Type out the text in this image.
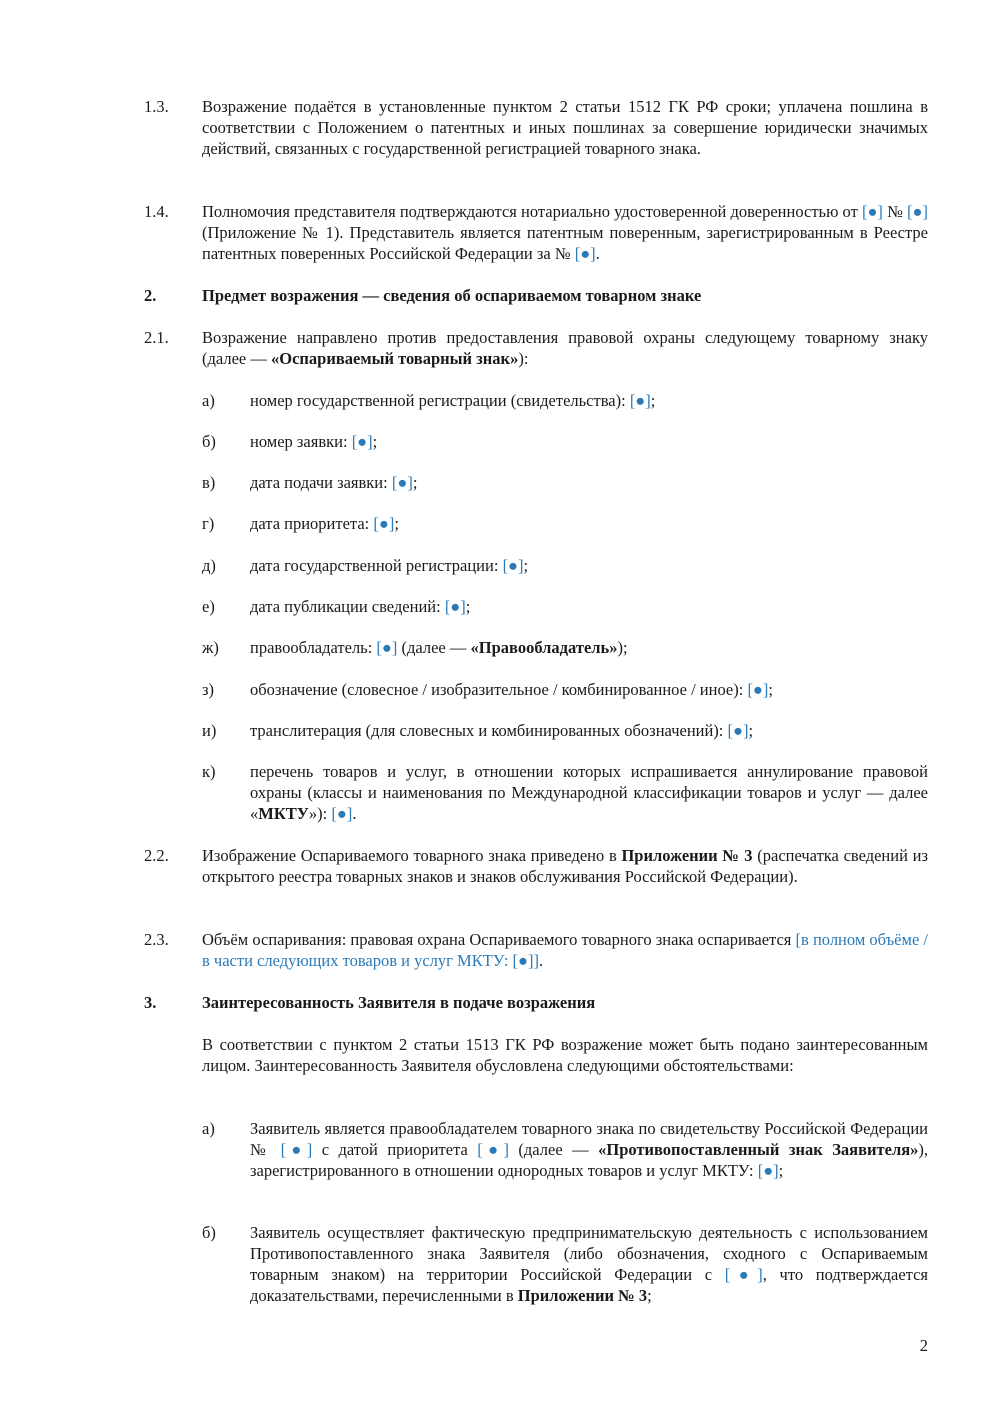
1.3.	Возражение подаётся в установленные пунктом 2 статьи 1512 ГК РФ сроки; уплачена пошлина в соответствии с Положением о патентных и иных пошлинах за совершение юридически значимых действий, связанных с государственной регистрацией товарного знака.
1.4.	Полномочия представителя подтверждаются нотариально удостоверенной доверенностью от [●] № [●] (Приложение № 1). Представитель является патентным поверенным, зарегистрированным в Реестре патентных поверенных Российской Федерации за № [●].
2.	Предмет возражения — сведения об оспариваемом товарном знаке
2.1.	Возражение направлено против предоставления правовой охраны следующему товарному знаку (далее — «Оспариваемый товарный знак»):
а)	номер государственной регистрации (свидетельства): [●];
б)	номер заявки: [●];
в)	дата подачи заявки: [●];
г)	дата приоритета: [●];
д)	дата государственной регистрации: [●];
е)	дата публикации сведений: [●];
ж)	правообладатель: [●] (далее — «Правообладатель»);
з)	обозначение (словесное / изобразительное / комбинированное / иное): [●];
и)	транслитерация (для словесных и комбинированных обозначений): [●];
к)	перечень товаров и услуг, в отношении которых испрашивается аннулирование правовой охраны (классы и наименования по Международной классификации товаров и услуг — далее «МКТУ»): [●].
2.2.	Изображение Оспариваемого товарного знака приведено в Приложении № 3 (распечатка сведений из открытого реестра товарных знаков и знаков обслуживания Российской Федерации).
2.3.	Объём оспаривания: правовая охрана Оспариваемого товарного знака оспаривается [в полном объёме / в части следующих товаров и услуг МКТУ: [●]].
3.	Заинтересованность Заявителя в подаче возражения
В соответствии с пунктом 2 статьи 1513 ГК РФ возражение может быть подано заинтересованным лицом. Заинтересованность Заявителя обусловлена следующими обстоятельствами:
а)	Заявитель является правообладателем товарного знака по свидетельству Российской Федерации № [●] с датой приоритета [●] (далее — «Противопоставленный знак Заявителя»), зарегистрированного в отношении однородных товаров и услуг МКТУ: [●];
б)	Заявитель осуществляет фактическую предпринимательскую деятельность с использованием Противопоставленного знака Заявителя (либо обозначения, сходного с Оспариваемым товарным знаком) на территории Российской Федерации с [●], что подтверждается доказательствами, перечисленными в Приложении № 3;
2
